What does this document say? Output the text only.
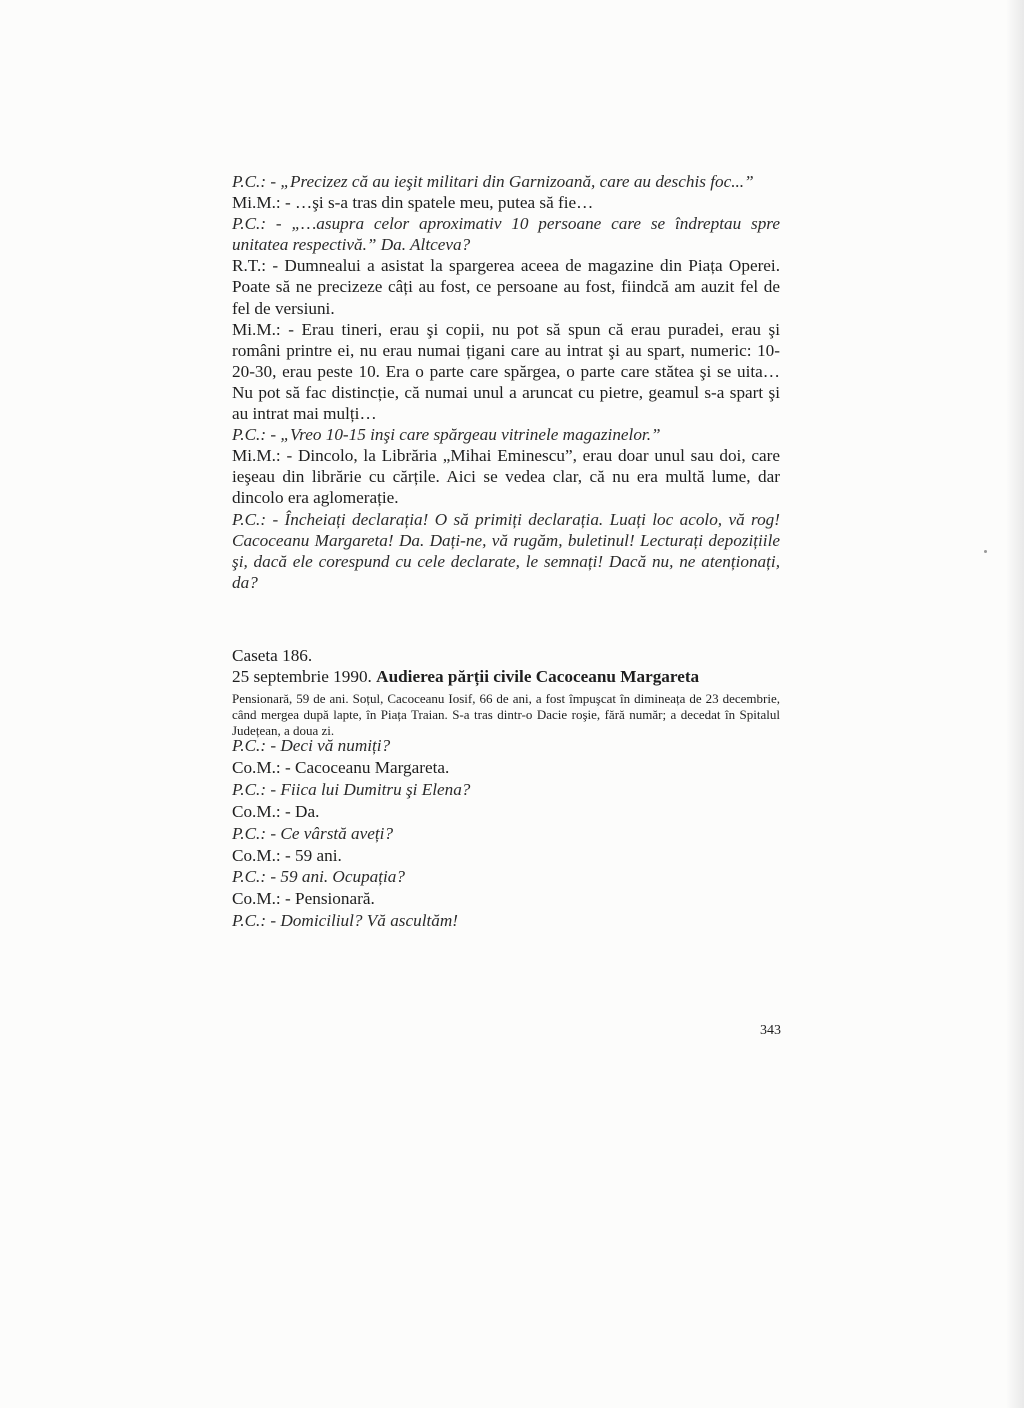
P.C.: - „Precizez că au ieşit militari din Garnizoană, care au deschis foc...”

Mi.M.: - …şi s-a tras din spatele meu, putea să fie…

P.C.: - „…asupra celor aproximativ 10 persoane care se îndreptau spre unitatea respectivă.” Da. Altceva?

R.T.: - Dumnealui a asistat la spargerea aceea de magazine din Piața Operei. Poate să ne precizeze câți au fost, ce persoane au fost, fiindcă am auzit fel de fel de versiuni.

Mi.M.: - Erau tineri, erau şi copii, nu pot să spun că erau puradei, erau şi români printre ei, nu erau numai țigani care au intrat şi au spart, numeric: 10-20-30, erau peste 10. Era o parte care spărgea, o parte care stătea şi se uita… Nu pot să fac distincție, că numai unul a aruncat cu pietre, geamul s-a spart şi au intrat mai mulți…

P.C.: - „Vreo 10-15 inşi care spărgeau vitrinele magazinelor.”

Mi.M.: - Dincolo, la Librăria „Mihai Eminescu”, erau doar unul sau doi, care ieşeau din librărie cu cărțile. Aici se vedea clar, că nu era multă lume, dar dincolo era aglomerație.

P.C.: - Încheiați declarația! O să primiți declarația. Luați loc acolo, vă rog! Cacoceanu Margareta! Da. Dați-ne, vă rugăm, buletinul! Lecturați depozițiile şi, dacă ele corespund cu cele declarate, le semnați! Dacă nu, ne atenționați, da?

Caseta 186.
25 septembrie 1990. Audierea părții civile Cacoceanu Margareta
Pensionară, 59 de ani. Soțul, Cacoceanu Iosif, 66 de ani, a fost împuşcat în dimineața de 23 decembrie, când mergea după lapte, în Piața Traian. S-a tras dintr-o Dacie roşie, fără număr; a decedat în Spitalul Județean, a doua zi.

P.C.: - Deci vă numiți?

Co.M.: - Cacoceanu Margareta.

P.C.: - Fiica lui Dumitru şi Elena?

Co.M.: - Da.

P.C.: - Ce vârstă aveți?

Co.M.: - 59 ani.

P.C.: - 59 ani. Ocupația?

Co.M.: - Pensionară.

P.C.: - Domiciliul? Vă ascultăm!

343
